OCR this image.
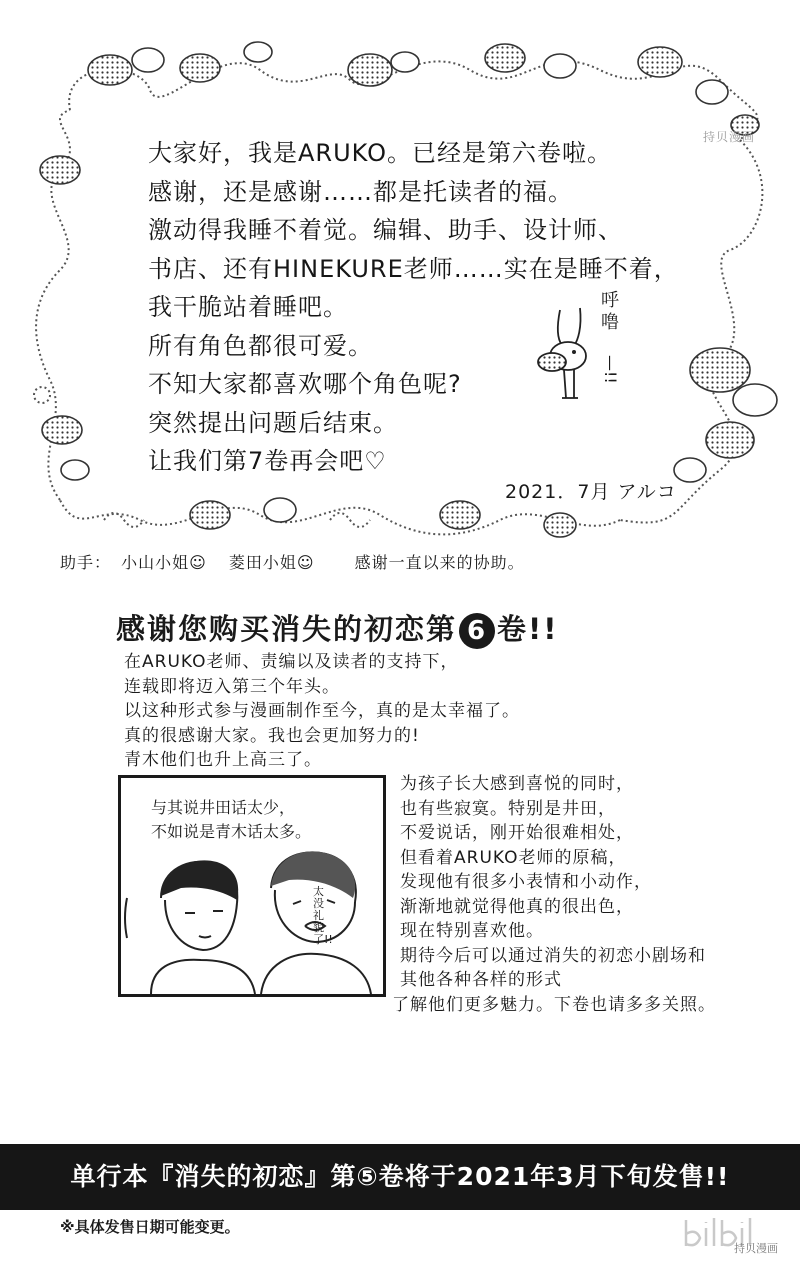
持贝漫画
大家好，我是ARUKO。已经是第六卷啦。
感谢，还是感谢……都是托读者的福。
激动得我睡不着觉。编辑、助手、设计师、
书店、还有HINEKURE老师……实在是睡不着，
我干脆站着睡吧。
所有角色都很可爱。
不知大家都喜欢哪个角色呢?
突然提出问题后结束。
让我们第7卷再会吧♡
呼
噜
—!!
2021．7月 アルコ
助手： 小山小姐☺ 菱田小姐☺	感谢一直以来的协助。
感谢您购买消失的初恋第 6 卷!!
在ARUKO老师、责编以及读者的支持下，
连载即将迈入第三个年头。
以这种形式参与漫画制作至今，真的是太幸福了。
真的很感谢大家。我也会更加努力的!
青木他们也升上高三了。
与其说井田话太少，
不如说是青木话太多。
太没礼貌了!!
为孩子长大感到喜悦的同时，
也有些寂寞。特别是井田，
不爱说话，刚开始很难相处，
但看着ARUKO老师的原稿，
发现他有很多小表情和小动作，
渐渐地就觉得他真的很出色，
现在特别喜欢他。
期待今后可以通过消失的初恋小剧场和
其他各种各样的形式
了解他们更多魅力。下卷也请多多关照。
单行本『消失的初恋』第⑤卷将于2021年3月下旬发售!!
※具体发售日期可能变更。
持贝漫画
